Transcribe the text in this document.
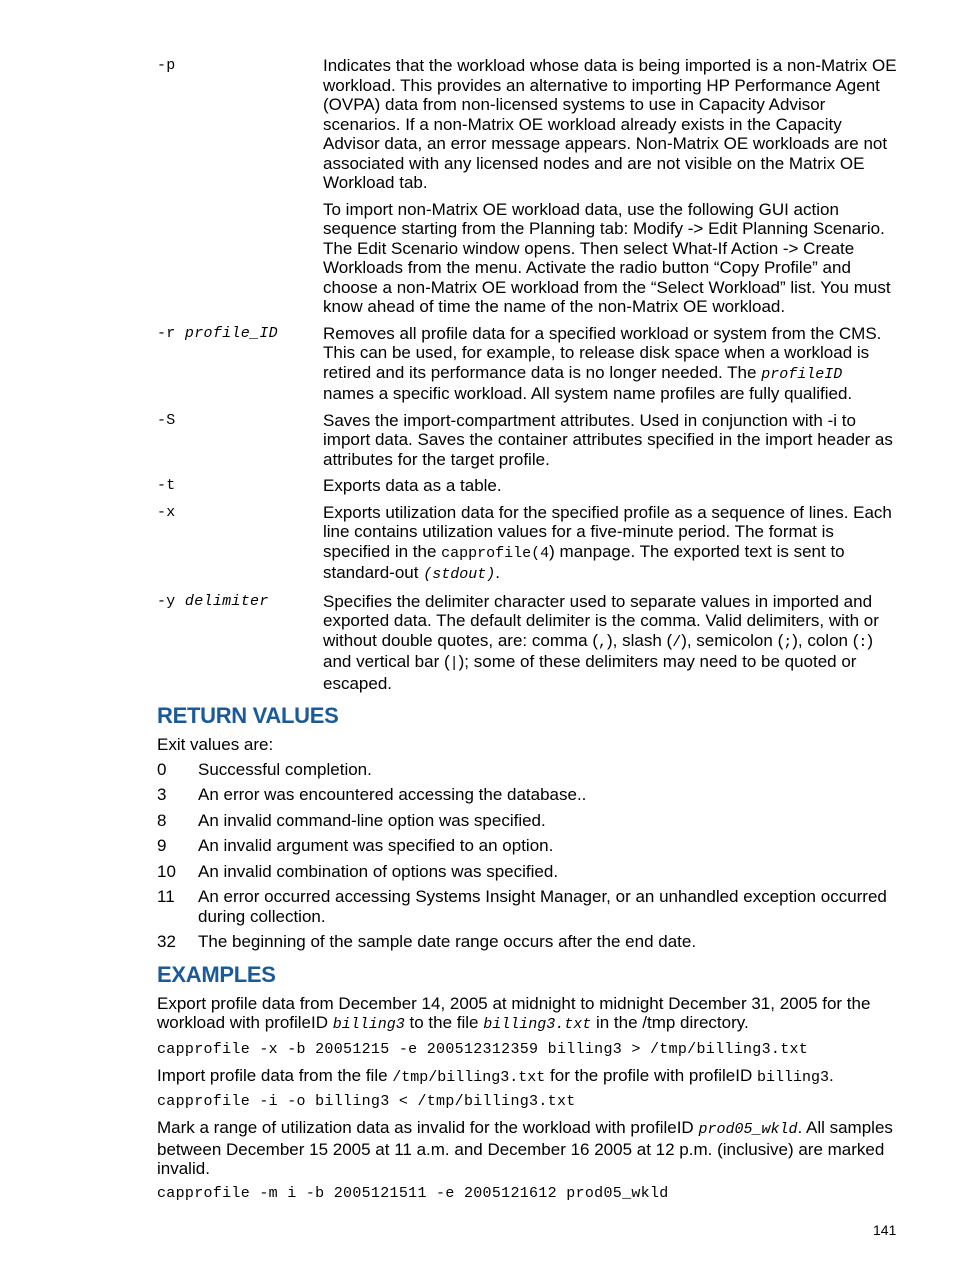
-p	Indicates that the workload whose data is being imported is a non-Matrix OE workload. This provides an alternative to importing HP Performance Agent (OVPA) data from non-licensed systems to use in Capacity Advisor scenarios. If a non-Matrix OE workload already exists in the Capacity Advisor data, an error message appears. Non-Matrix OE workloads are not associated with any licensed nodes and are not visible on the Matrix OE Workload tab.

To import non-Matrix OE workload data, use the following GUI action sequence starting from the Planning tab: Modify -> Edit Planning Scenario. The Edit Scenario window opens. Then select What-If Action -> Create Workloads from the menu. Activate the radio button “Copy Profile” and choose a non-Matrix OE workload from the “Select Workload” list. You must know ahead of time the name of the non-Matrix OE workload.

-r profile_ID	Removes all profile data for a specified workload or system from the CMS. This can be used, for example, to release disk space when a workload is retired and its performance data is no longer needed. The profileID names a specific workload. All system name profiles are fully qualified.
-S	Saves the import-compartment attributes. Used in conjunction with -i to import data. Saves the container attributes specified in the import header as attributes for the target profile.
-t	Exports data as a table.
-x	Exports utilization data for the specified profile as a sequence of lines. Each line contains utilization values for a five-minute period. The format is specified in the capprofile(4) manpage. The exported text is sent to standard-out (stdout).
-y delimiter	Specifies the delimiter character used to separate values in imported and exported data. The default delimiter is the comma. Valid delimiters, with or without double quotes, are: comma (,), slash (/), semicolon (;), colon (:) and vertical bar (|); some of these delimiters may need to be quoted or escaped.
RETURN VALUES

Exit values are:

0	Successful completion.
3	An error was encountered accessing the database..
8	An invalid command-line option was specified.
9	An invalid argument was specified to an option.
10	An invalid combination of options was specified.
11	An error occurred accessing Systems Insight Manager, or an unhandled exception occurred during collection.
32	The beginning of the sample date range occurs after the end date.
EXAMPLES

Export profile data from December 14, 2005 at midnight to midnight December 31, 2005 for the workload with profileID billing3 to the file billing3.txt in the /tmp directory.

capprofile -x -b 20051215 -e 200512312359 billing3 > /tmp/billing3.txt

Import profile data from the file /tmp/billing3.txt for the profile with profileID billing3.

capprofile -i -o billing3 < /tmp/billing3.txt

Mark a range of utilization data as invalid for the workload with profileID prod05_wkld. All samples between December 15 2005 at 11 a.m. and December 16 2005 at 12 p.m. (inclusive) are marked invalid.

capprofile -m i -b 2005121511 -e 2005121612 prod05_wkld
141
